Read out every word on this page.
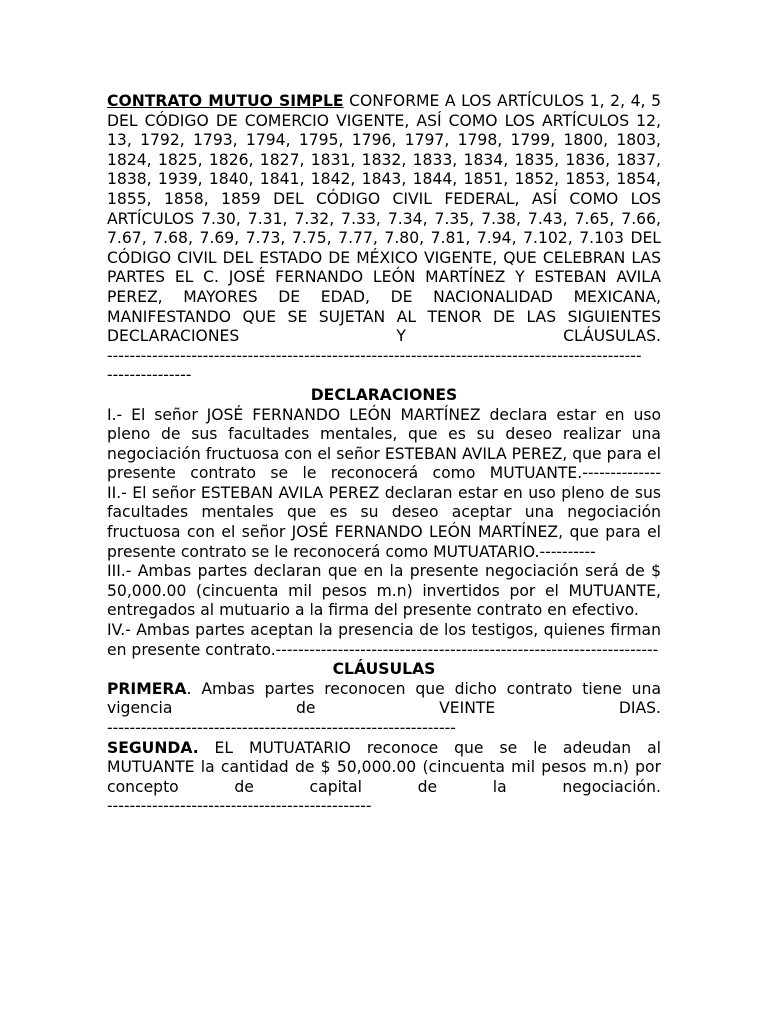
CONTRATO MUTUO SIMPLE CONFORME A LOS ARTÍCULOS 1, 2, 4, 5 DEL CÓDIGO DE COMERCIO VIGENTE, ASÍ COMO LOS ARTÍCULOS 12, 13, 1792, 1793, 1794, 1795, 1796, 1797, 1798, 1799, 1800, 1803, 1824, 1825, 1826, 1827, 1831, 1832, 1833, 1834, 1835, 1836, 1837, 1838, 1939, 1840, 1841, 1842, 1843, 1844, 1851, 1852, 1853, 1854, 1855, 1858, 1859 DEL CÓDIGO CIVIL FEDERAL, ASÍ COMO LOS ARTÍCULOS 7.30, 7.31, 7.32, 7.33, 7.34, 7.35, 7.38, 7.43, 7.65, 7.66, 7.67, 7.68, 7.69, 7.73, 7.75, 7.77, 7.80, 7.81, 7.94, 7.102, 7.103 DEL CÓDIGO CIVIL DEL ESTADO DE MÉXICO VIGENTE, QUE CELEBRAN LAS PARTES EL C. JOSÉ FERNANDO LEÓN MARTÍNEZ Y ESTEBAN AVILA PEREZ, MAYORES DE EDAD, DE NACIONALIDAD MEXICANA, MANIFESTANDO QUE SE SUJETAN AL TENOR DE LAS SIGUIENTES DECLARACIONES Y CLÁUSULAS.

-----------------------------------------------------------------------------------------------

---------------

DECLARACIONES

I.- El señor JOSÉ FERNANDO LEÓN MARTÍNEZ declara estar en uso pleno de sus facultades mentales, que es su deseo realizar una negociación fructuosa con el señor ESTEBAN AVILA PEREZ, que para el presente contrato se le reconocerá como MUTUANTE.--------------

II.- El señor ESTEBAN AVILA PEREZ declaran estar en uso pleno de sus facultades mentales que es su deseo aceptar una negociación fructuosa con el señor JOSÉ FERNANDO LEÓN MARTÍNEZ, que para el presente contrato se le reconocerá como MUTUATARIO.----------

III.- Ambas partes declaran que en la presente negociación será de $ 50,000.00 (cincuenta mil pesos m.n) invertidos por el MUTUANTE, entregados al mutuario a la firma del presente contrato en efectivo.

IV.- Ambas partes aceptan la presencia de los testigos, quienes firman en presente contrato.--------------------------------------------------------------------

CLÁUSULAS

PRIMERA. Ambas partes reconocen que dicho contrato tiene una vigencia de VEINTE DIAS.

--------------------------------------------------------------

SEGUNDA. EL MUTUATARIO reconoce que se le adeudan al MUTUANTE la cantidad de $ 50,000.00 (cincuenta mil pesos m.n) por concepto de capital de la negociación.

-----------------------------------------------
